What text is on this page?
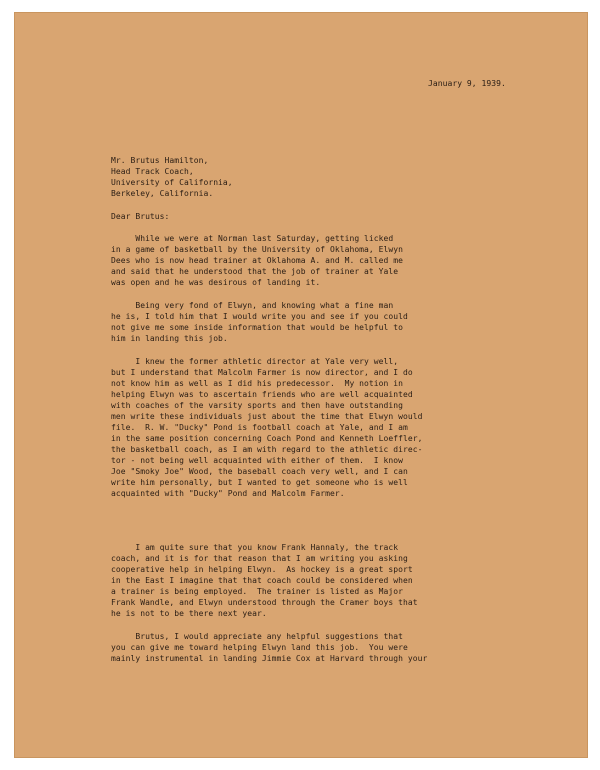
January 9, 1939.
Mr. Brutus Hamilton,
Head Track Coach,
University of California,
Berkeley, California.
Dear Brutus:
While we were at Norman last Saturday, getting licked
in a game of basketball by the University of Oklahoma, Elwyn
Dees who is now head trainer at Oklahoma A. and M. called me
and said that he understood that the job of trainer at Yale
was open and he was desirous of landing it.
Being very fond of Elwyn, and knowing what a fine man
he is, I told him that I would write you and see if you could
not give me some inside information that would be helpful to
him in landing this job.
I knew the former athletic director at Yale very well,
but I understand that Malcolm Farmer is now director, and I do
not know him as well as I did his predecessor.  My notion in
helping Elwyn was to ascertain friends who are well acquainted
with coaches of the varsity sports and then have outstanding
men write these individuals just about the time that Elwyn would
file.  R. W. "Ducky" Pond is football coach at Yale, and I am
in the same position concerning Coach Pond and Kenneth Loeffler,
the basketball coach, as I am with regard to the athletic direc-
tor - not being well acquainted with either of them.  I know
Joe "Smoky Joe" Wood, the baseball coach very well, and I can
write him personally, but I wanted to get someone who is well
acquainted with "Ducky" Pond and Malcolm Farmer.
I am quite sure that you know Frank Hannaly, the track
coach, and it is for that reason that I am writing you asking
cooperative help in helping Elwyn.  As hockey is a great sport
in the East I imagine that that coach could be considered when
a trainer is being employed.  The trainer is listed as Major
Frank Wandle, and Elwyn understood through the Cramer boys that
he is not to be there next year.
Brutus, I would appreciate any helpful suggestions that
you can give me toward helping Elwyn land this job.  You were
mainly instrumental in landing Jimmie Cox at Harvard through your
